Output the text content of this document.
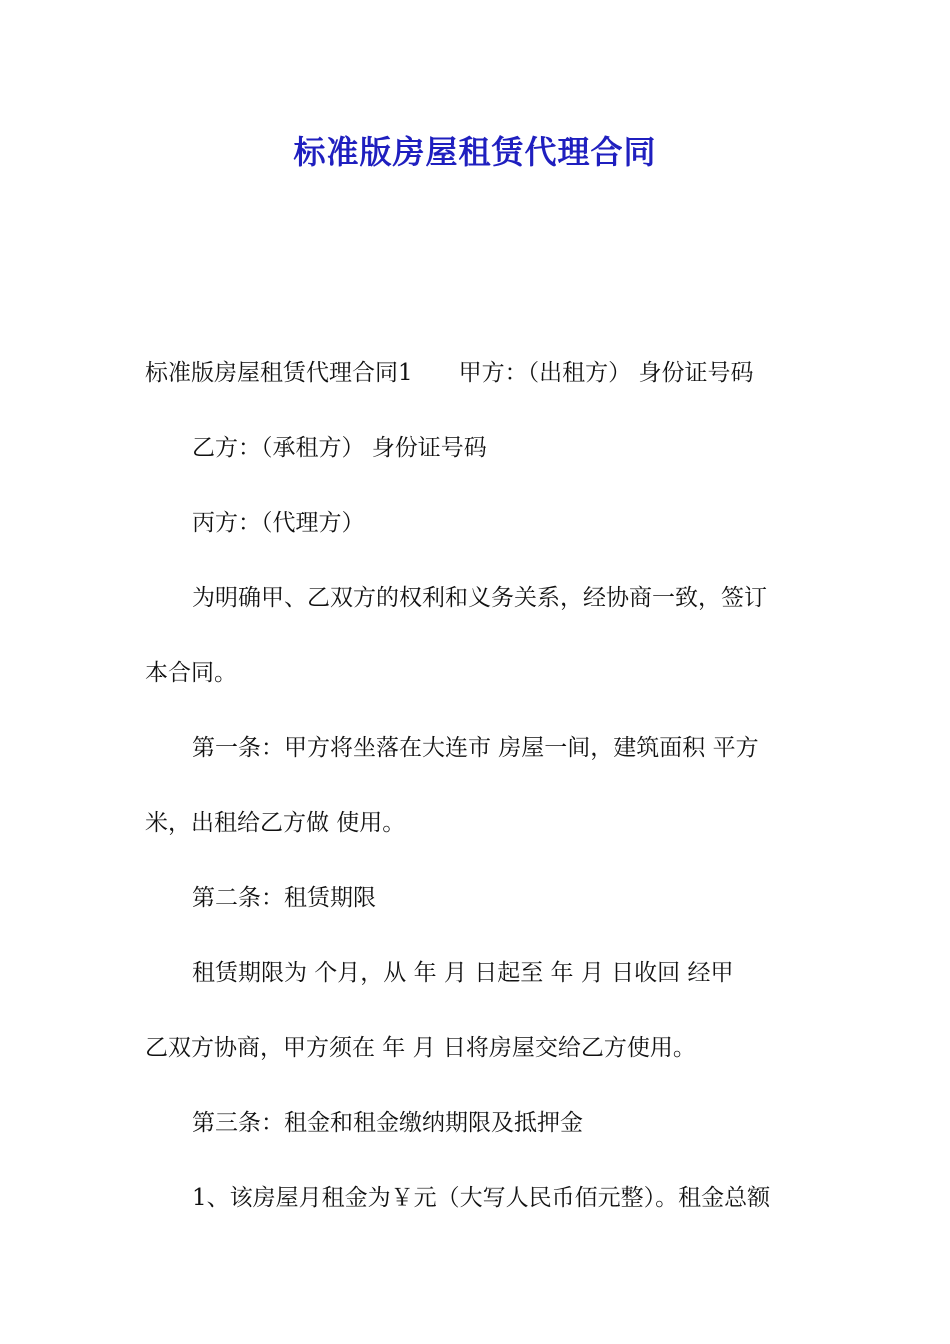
标准版房屋租赁代理合同

标准版房屋租赁代理合同1 甲方：（出租方） 身份证号码

乙方：（承租方） 身份证号码

丙方：（代理方）

为明确甲、乙双方的权利和义务关系，经协商一致，签订

本合同。

第一条：甲方将坐落在大连市 房屋一间，建筑面积 平方

米，出租给乙方做 使用。

第二条：租赁期限

租赁期限为 个月，从 年 月 日起至 年 月 日收回 经甲

乙双方协商，甲方须在 年 月 日将房屋交给乙方使用。

第三条：租金和租金缴纳期限及抵押金

1、该房屋月租金为￥元（大写人民币佰元整）。租金总额
